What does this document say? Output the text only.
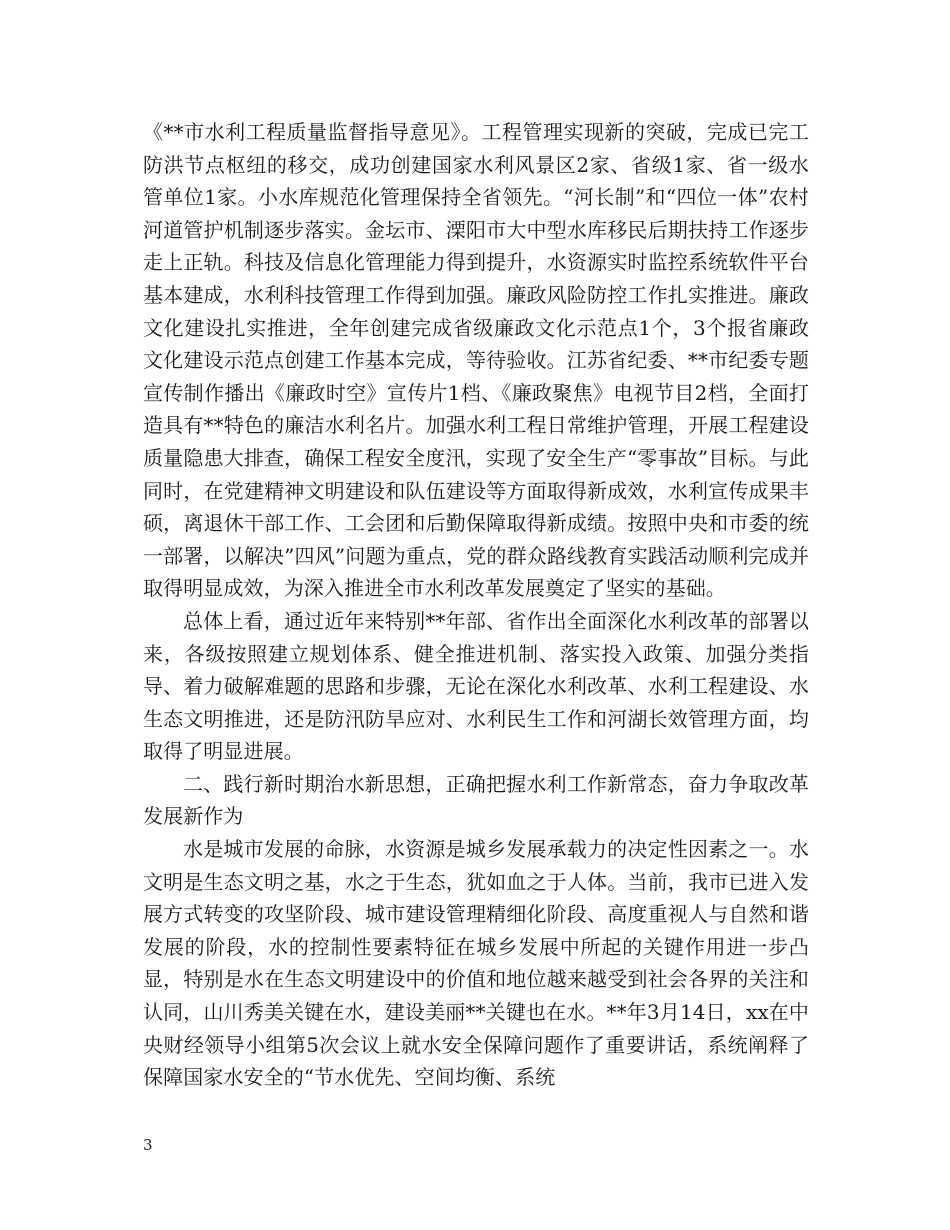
《**市水利工程质量监督指导意见》。工程管理实现新的突破，完成已完工防洪节点枢纽的移交，成功创建国家水利风景区2家、省级1家、省一级水管单位1家。小水库规范化管理保持全省领先。“河长制”和“四位一体”农村河道管护机制逐步落实。金坛市、溧阳市大中型水库移民后期扶持工作逐步走上正轨。科技及信息化管理能力得到提升，水资源实时监控系统软件平台基本建成，水利科技管理工作得到加强。廉政风险防控工作扎实推进。廉政文化建设扎实推进，全年创建完成省级廉政文化示范点1个，3个报省廉政文化建设示范点创建工作基本完成，等待验收。江苏省纪委、**市纪委专题宣传制作播出《廉政时空》宣传片1档、《廉政聚焦》电视节目2档，全面打造具有**特色的廉洁水利名片。加强水利工程日常维护管理，开展工程建设质量隐患大排查，确保工程安全度汛，实现了安全生产“零事故”目标。与此同时，在党建精神文明建设和队伍建设等方面取得新成效，水利宣传成果丰硕，离退休干部工作、工会团和后勤保障取得新成绩。按照中央和市委的统一部署，以解决”四风”问题为重点，党的群众路线教育实践活动顺利完成并取得明显成效，为深入推进全市水利改革发展奠定了坚实的基础。

总体上看，通过近年来特别**年部、省作出全面深化水利改革的部署以来，各级按照建立规划体系、健全推进机制、落实投入政策、加强分类指导、着力破解难题的思路和步骤，无论在深化水利改革、水利工程建设、水生态文明推进，还是防汛防旱应对、水利民生工作和河湖长效管理方面，均取得了明显进展。

二、践行新时期治水新思想，正确把握水利工作新常态，奋力争取改革发展新作为

水是城市发展的命脉，水资源是城乡发展承载力的决定性因素之一。水文明是生态文明之基，水之于生态，犹如血之于人体。当前，我市已进入发展方式转变的攻坚阶段、城市建设管理精细化阶段、高度重视人与自然和谐发展的阶段，水的控制性要素特征在城乡发展中所起的关键作用进一步凸显，特别是水在生态文明建设中的价值和地位越来越受到社会各界的关注和认同，山川秀美关键在水，建设美丽**关键也在水。**年3月14日，xx在中央财经领导小组第5次会议上就水安全保障问题作了重要讲话，系统阐释了保障国家水安全的“节水优先、空间均衡、系统

3
